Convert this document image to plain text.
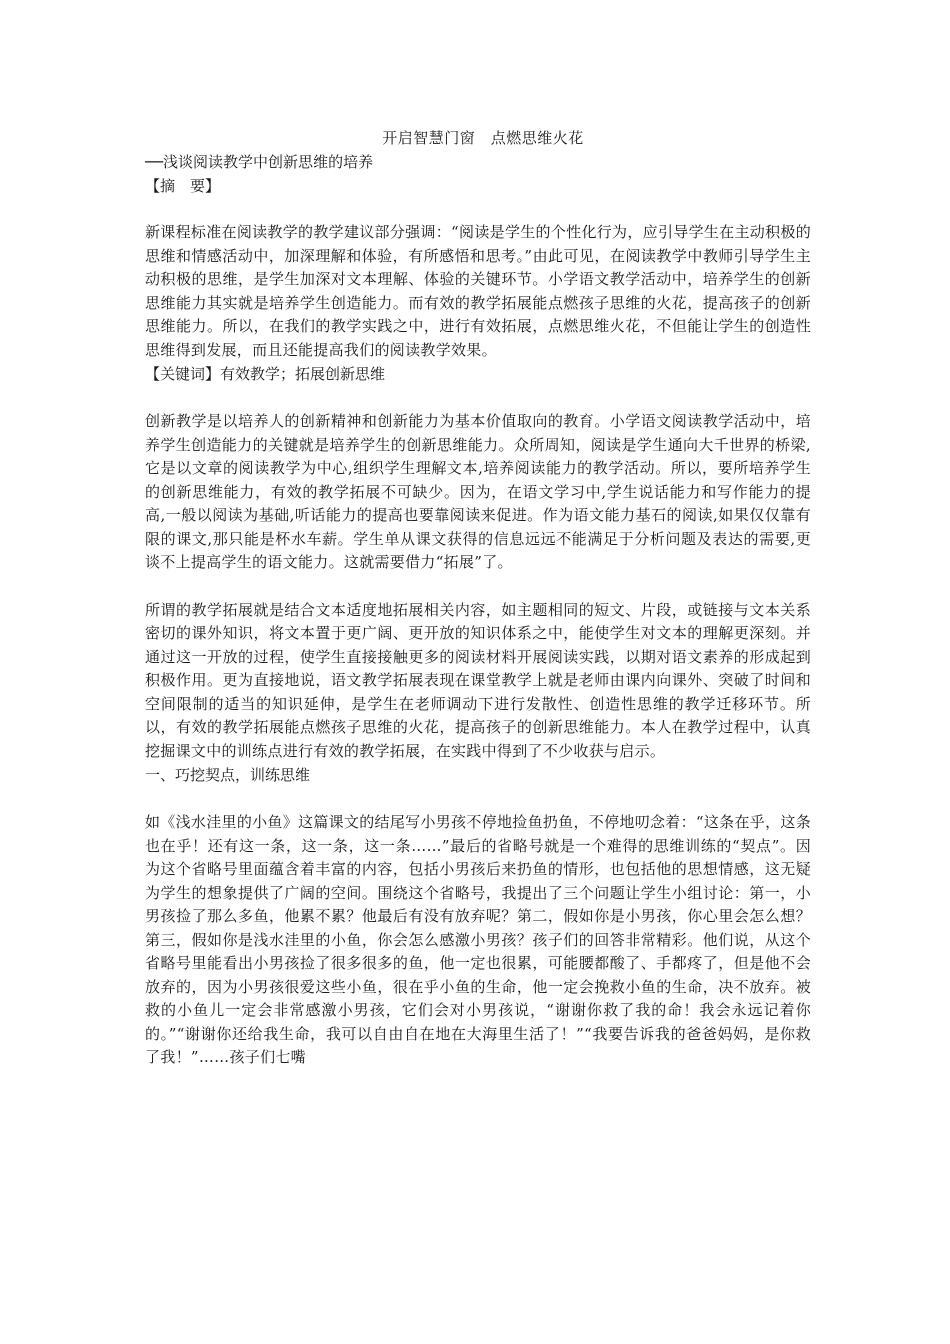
开启智慧门窗　点燃思维火花

──浅谈阅读教学中创新思维的培养

【摘　要】

新课程标准在阅读教学的教学建议部分强调：“阅读是学生的个性化行为，应引导学生在主动积极的思维和情感活动中，加深理解和体验，有所感悟和思考。”由此可见，在阅读教学中教师引导学生主动积极的思维，是学生加深对文本理解、体验的关键环节。小学语文教学活动中，培养学生的创新思维能力其实就是培养学生创造能力。而有效的教学拓展能点燃孩子思维的火花，提高孩子的创新思维能力。所以，在我们的教学实践之中，进行有效拓展，点燃思维火花，不但能让学生的创造性思维得到发展，而且还能提高我们的阅读教学效果。

【关键词】有效教学；拓展创新思维

创新教学是以培养人的创新精神和创新能力为基本价值取向的教育。小学语文阅读教学活动中，培养学生创造能力的关键就是培养学生的创新思维能力。众所周知，阅读是学生通向大千世界的桥梁,它是以文章的阅读教学为中心,组织学生理解文本,培养阅读能力的教学活动。所以，要所培养学生的创新思维能力，有效的教学拓展不可缺少。因为，在语文学习中,学生说话能力和写作能力的提高,一般以阅读为基础,听话能力的提高也要靠阅读来促进。作为语文能力基石的阅读,如果仅仅靠有限的课文,那只能是杯水车薪。学生单从课文获得的信息远远不能满足于分析问题及表达的需要,更谈不上提高学生的语文能力。这就需要借力“拓展”了。

所谓的教学拓展就是结合文本适度地拓展相关内容，如主题相同的短文、片段，或链接与文本关系密切的课外知识，将文本置于更广阔、更开放的知识体系之中，能使学生对文本的理解更深刻。并通过这一开放的过程，使学生直接接触更多的阅读材料开展阅读实践，以期对语文素养的形成起到积极作用。更为直接地说，语文教学拓展表现在课堂教学上就是老师由课内向课外、突破了时间和空间限制的适当的知识延伸，是学生在老师调动下进行发散性、创造性思维的教学迁移环节。所以，有效的教学拓展能点燃孩子思维的火花，提高孩子的创新思维能力。本人在教学过程中，认真挖掘课文中的训练点进行有效的教学拓展，在实践中得到了不少收获与启示。

一、巧挖契点，训练思维

如《浅水洼里的小鱼》这篇课文的结尾写小男孩不停地捡鱼扔鱼，不停地叨念着：“这条在乎，这条也在乎！还有这一条，这一条，这一条……”最后的省略号就是一个难得的思维训练的“契点”。因为这个省略号里面蕴含着丰富的内容，包括小男孩后来扔鱼的情形，也包括他的思想情感，这无疑为学生的想象提供了广阔的空间。围绕这个省略号，我提出了三个问题让学生小组讨论：第一，小男孩捡了那么多鱼，他累不累？他最后有没有放弃呢？第二，假如你是小男孩，你心里会怎么想？第三，假如你是浅水洼里的小鱼，你会怎么感激小男孩？孩子们的回答非常精彩。他们说，从这个省略号里能看出小男孩捡了很多很多的鱼，他一定也很累，可能腰都酸了、手都疼了，但是他不会放弃的，因为小男孩很爱这些小鱼，很在乎小鱼的生命，他一定会挽救小鱼的生命，决不放弃。被救的小鱼儿一定会非常感激小男孩，它们会对小男孩说，“谢谢你救了我的命！我会永远记着你的。”“谢谢你还给我生命，我可以自由自在地在大海里生活了！”“我要告诉我的爸爸妈妈，是你救了我！”……孩子们七嘴
